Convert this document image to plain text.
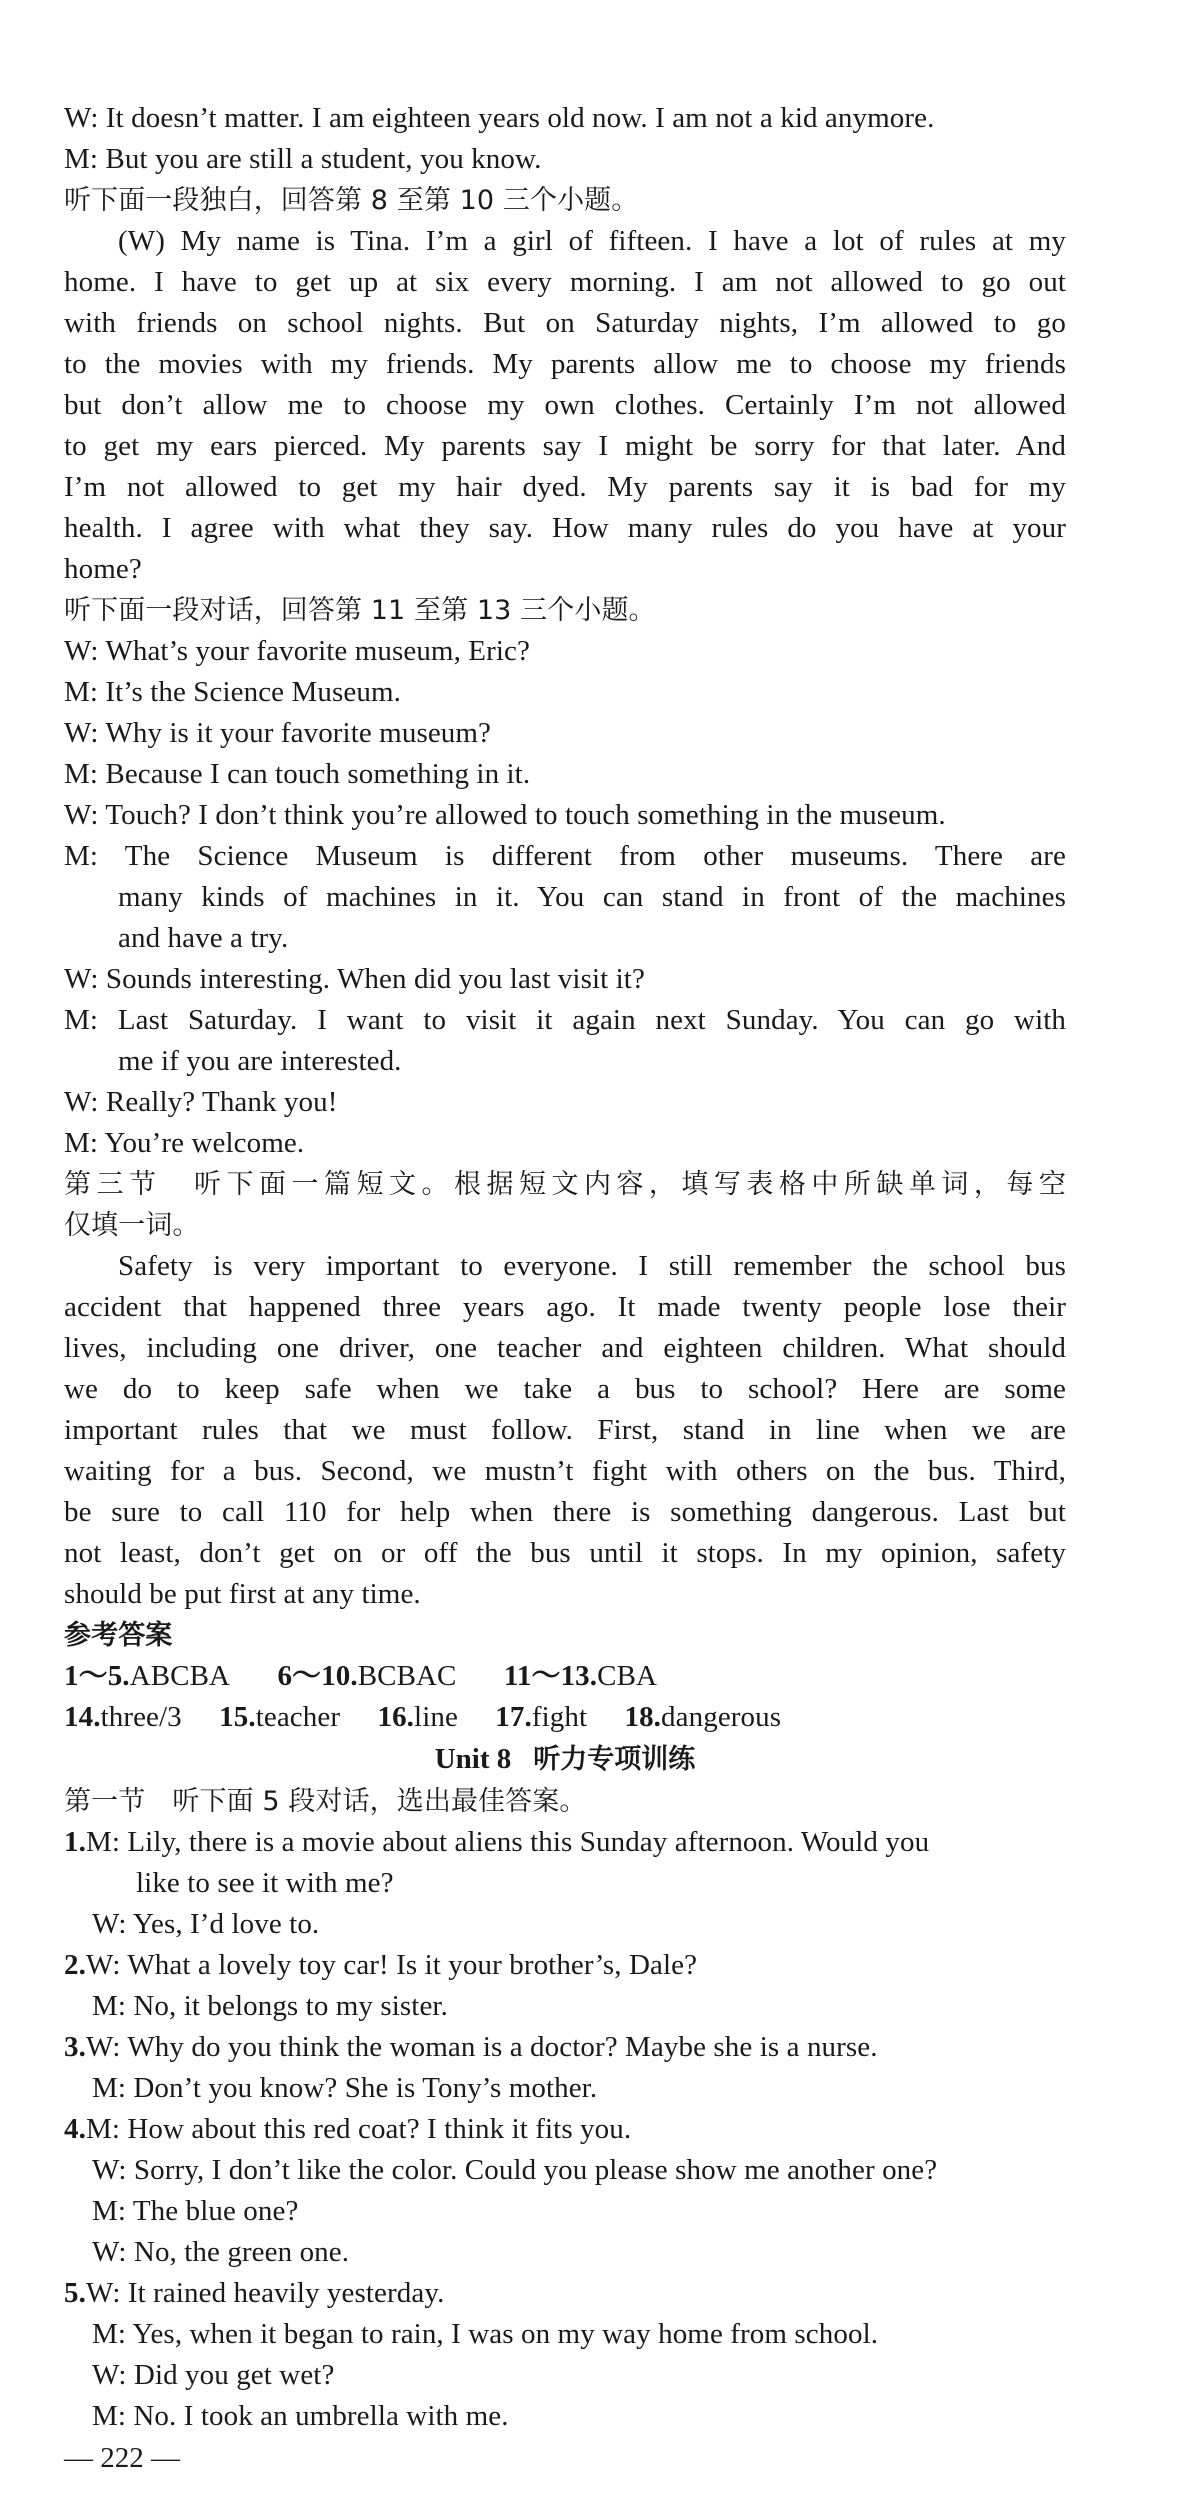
W: It doesn’t matter. I am eighteen years old now. I am not a kid anymore.
M: But you are still a student, you know.
听下面一段独白，回答第 8 至第 10 三个小题。
(W) My name is Tina. I’m a girl of fifteen. I have a lot of rules at my
home. I have to get up at six every morning. I am not allowed to go out
with friends on school nights. But on Saturday nights, I’m allowed to go
to the movies with my friends. My parents allow me to choose my friends
but don’t allow me to choose my own clothes. Certainly I’m not allowed
to get my ears pierced. My parents say I might be sorry for that later. And
I’m not allowed to get my hair dyed. My parents say it is bad for my
health. I agree with what they say. How many rules do you have at your
home?
听下面一段对话，回答第 11 至第 13 三个小题。
W: What’s your favorite museum, Eric?
M: It’s the Science Museum.
W: Why is it your favorite museum?
M: Because I can touch something in it.
W: Touch? I don’t think you’re allowed to touch something in the museum.
M: The Science Museum is different from other museums. There are
many kinds of machines in it. You can stand in front of the machines
and have a try.
W: Sounds interesting. When did you last visit it?
M: Last Saturday. I want to visit it again next Sunday. You can go with
me if you are interested.
W: Really? Thank you!
M: You’re welcome.
第三节　听下面一篇短文。根据短文内容，填写表格中所缺单词，每空
仅填一词。
Safety is very important to everyone. I still remember the school bus
accident that happened three years ago. It made twenty people lose their
lives, including one driver, one teacher and eighteen children. What should
we do to keep safe when we take a bus to school? Here are some
important rules that we must follow. First, stand in line when we are
waiting for a bus. Second, we mustn’t fight with others on the bus. Third,
be sure to call 110 for help when there is something dangerous. Last but
not least, don’t get on or off the bus until it stops. In my opinion, safety
should be put first at any time.
参考答案
1～5.ABCBA 6～10.BCBAC 11～13.CBA
14.three/3 15.teacher 16.line 17.fight 18.dangerous
Unit 8 听力专项训练
第一节　听下面 5 段对话，选出最佳答案。
1.M: Lily, there is a movie about aliens this Sunday afternoon. Would you
like to see it with me?
W: Yes, I’d love to.
2.W: What a lovely toy car! Is it your brother’s, Dale?
M: No, it belongs to my sister.
3.W: Why do you think the woman is a doctor? Maybe she is a nurse.
M: Don’t you know? She is Tony’s mother.
4.M: How about this red coat? I think it fits you.
W: Sorry, I don’t like the color. Could you please show me another one?
M: The blue one?
W: No, the green one.
5.W: It rained heavily yesterday.
M: Yes, when it began to rain, I was on my way home from school.
W: Did you get wet?
M: No. I took an umbrella with me.
— 222 —
